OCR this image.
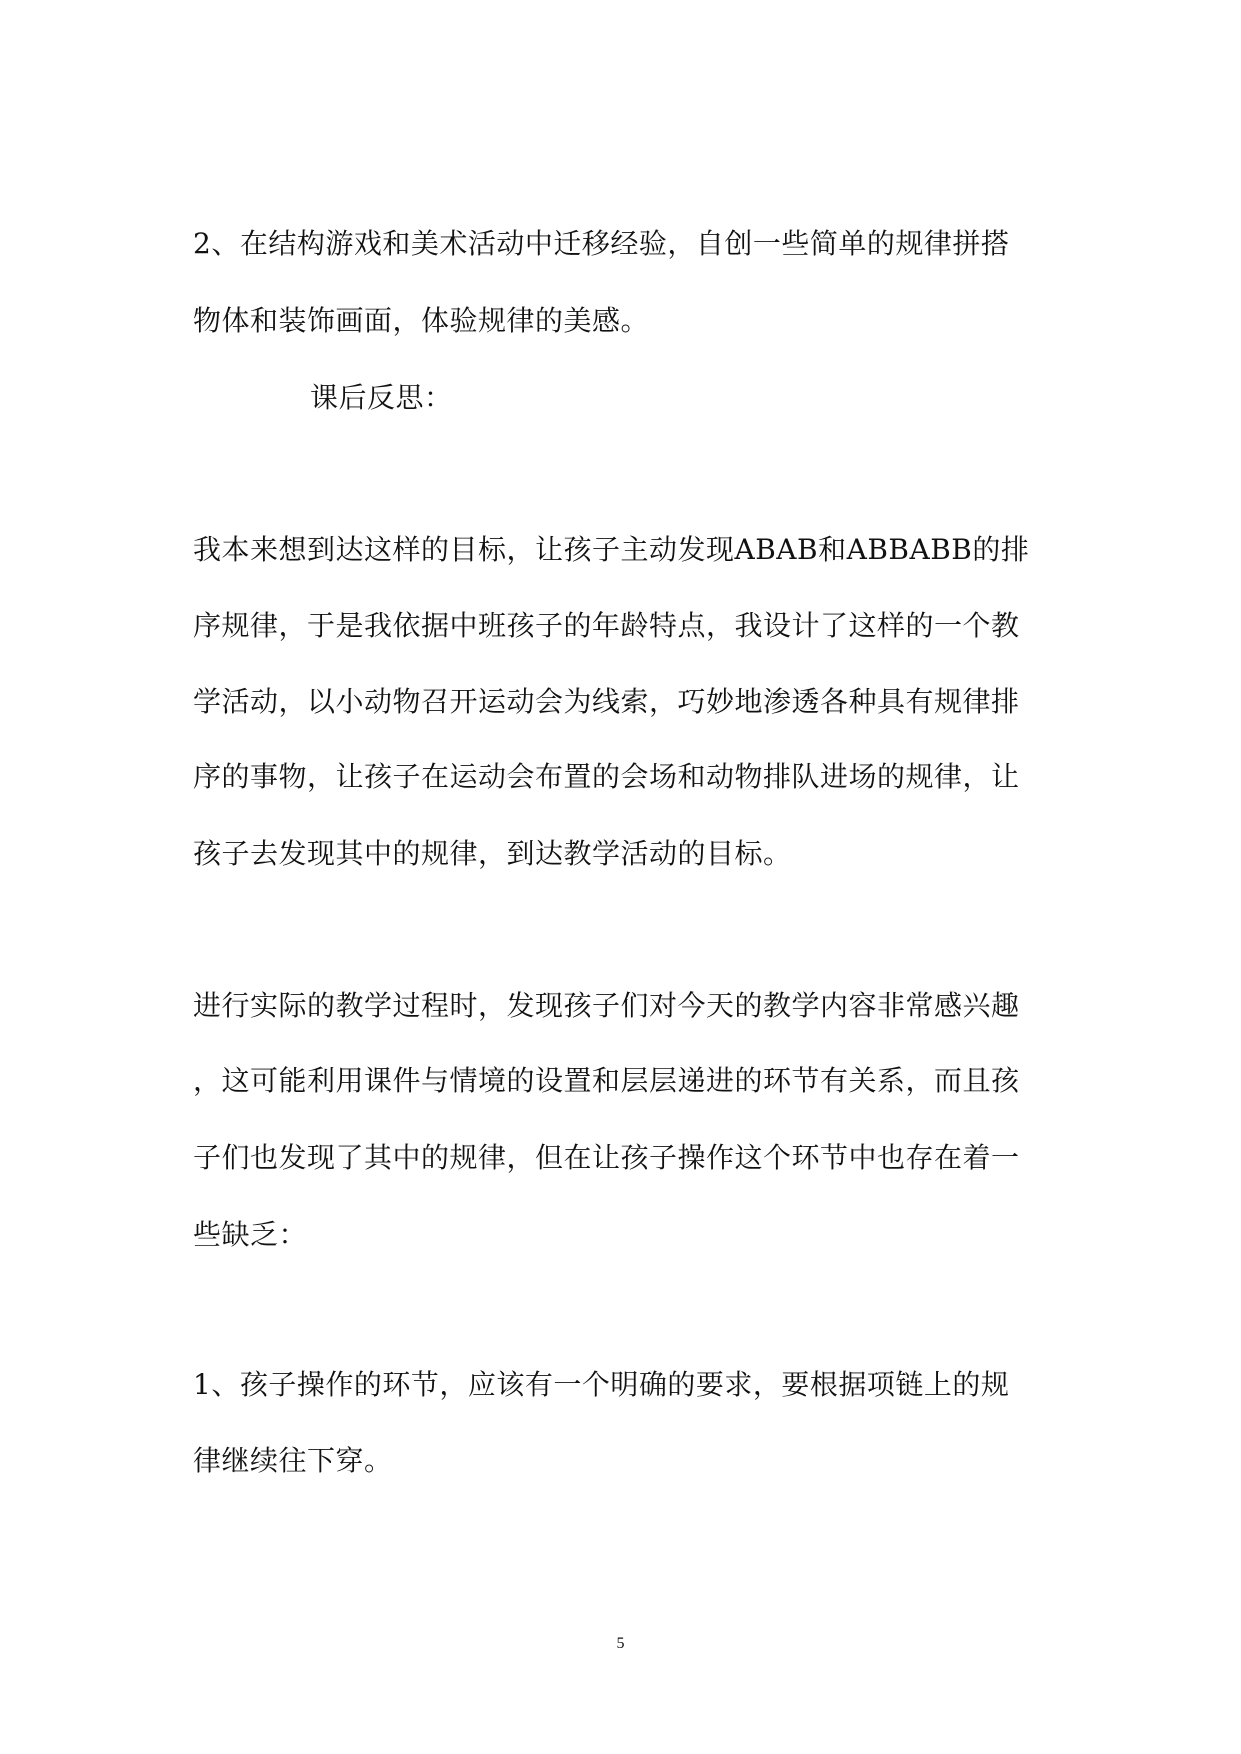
2、在结构游戏和美术活动中迁移经验，自创一些简单的规律拼搭
物体和装饰画面，体验规律的美感。
课后反思：
我本来想到达这样的目标，让孩子主动发现ABAB和ABBABB的排
序规律，于是我依据中班孩子的年龄特点，我设计了这样的一个教
学活动，以小动物召开运动会为线索，巧妙地渗透各种具有规律排
序的事物，让孩子在运动会布置的会场和动物排队进场的规律，让
孩子去发现其中的规律，到达教学活动的目标。
进行实际的教学过程时，发现孩子们对今天的教学内容非常感兴趣
，这可能利用课件与情境的设置和层层递进的环节有关系，而且孩
子们也发现了其中的规律，但在让孩子操作这个环节中也存在着一
些缺乏：
1、孩子操作的环节，应该有一个明确的要求，要根据项链上的规
律继续往下穿。
5
